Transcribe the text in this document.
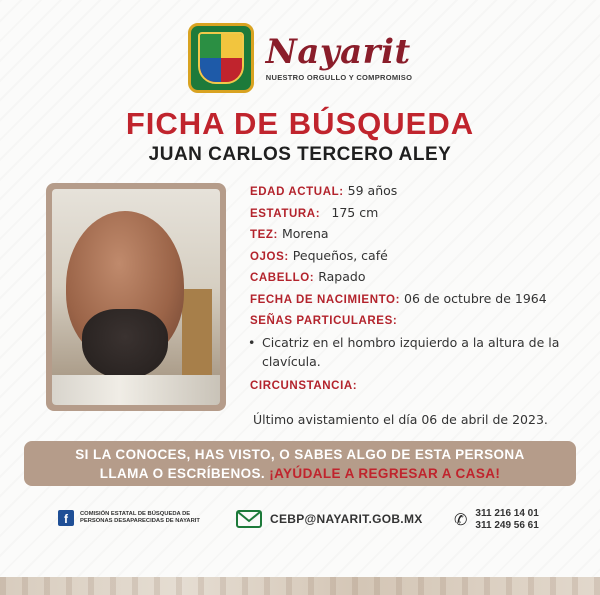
Nayarit
NUESTRO ORGULLO Y COMPROMISO
FICHA DE BÚSQUEDA
JUAN CARLOS TERCERO ALEY
EDAD ACTUAL: 59 años
ESTATURA: 175 cm
TEZ: Morena
OJOS: Pequeños, café
CABELLO: Rapado
FECHA DE NACIMIENTO: 06 de octubre de 1964
SEÑAS PARTICULARES:
• Cicatriz en el hombro izquierdo a la altura de la clavícula.
CIRCUNSTANCIA:
Último avistamiento el día 06 de abril de 2023.
SI LA CONOCES, HAS VISTO, O SABES ALGO DE ESTA PERSONA
LLAMA O ESCRÍBENOS. ¡AYÚDALE A REGRESAR A CASA!
f	COMISIÓN ESTATAL DE BÚSQUEDA DE PERSONAS DESAPARECIDAS DE NAYARIT	CEBP@NAYARIT.GOB.MX ✆ 311 216 14 01
311 249 56 61
